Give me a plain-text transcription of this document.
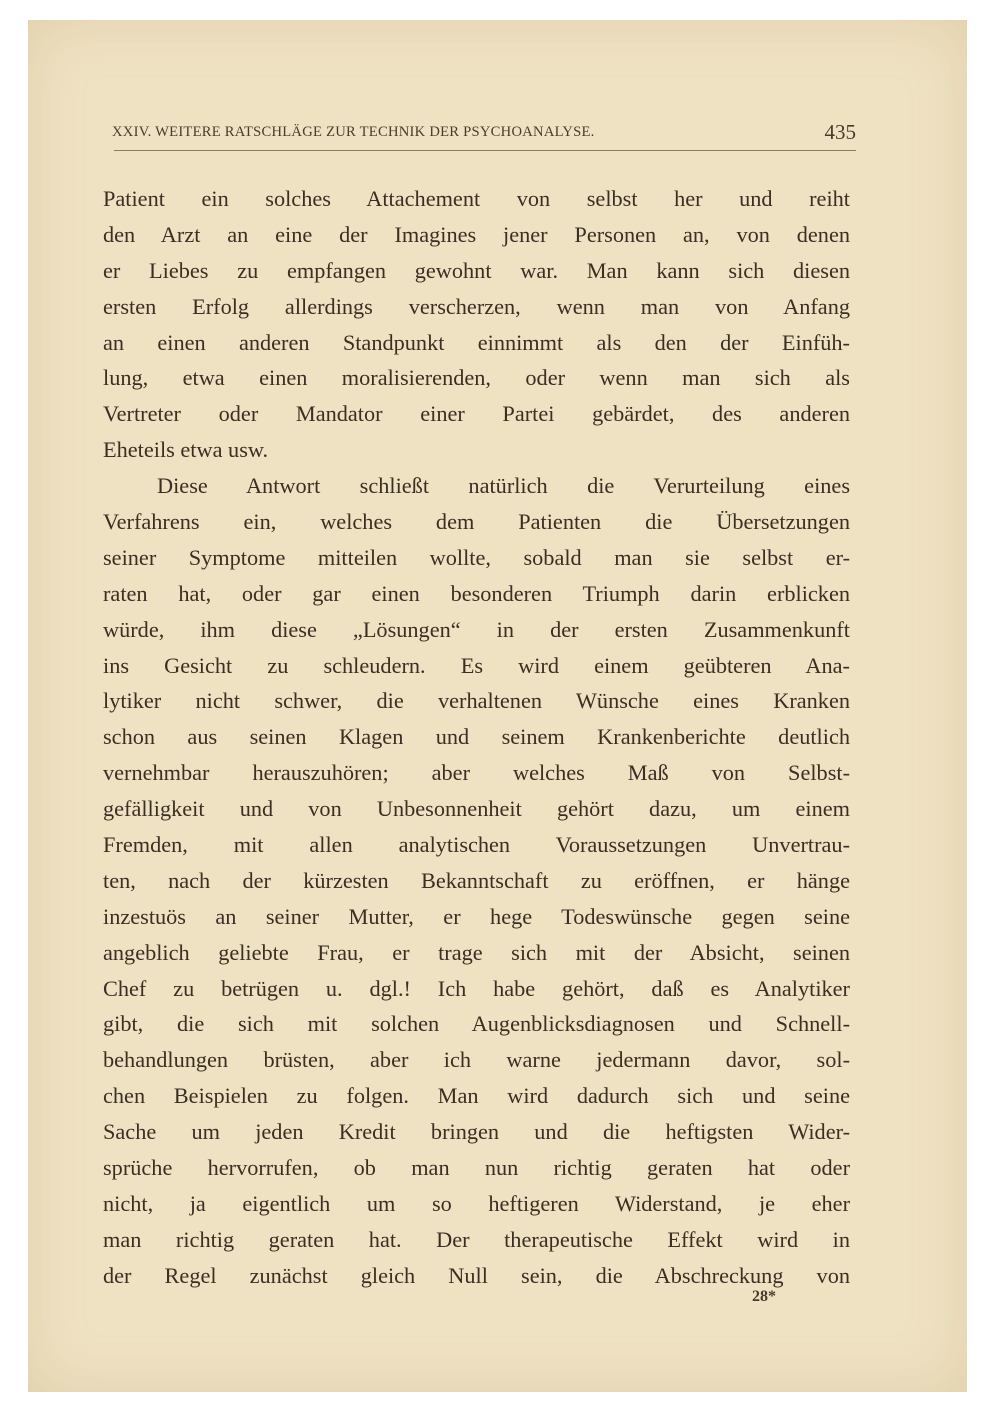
XXIV. WEITERE RATSCHLÄGE ZUR TECHNIK DER PSYCHOANALYSE.	435
Patient ein solches Attachement von selbst her und reiht
den Arzt an eine der Imagines jener Personen an, von denen
er Liebes zu empfangen gewohnt war. Man kann sich diesen
ersten Erfolg allerdings verscherzen, wenn man von Anfang
an einen anderen Standpunkt einnimmt als den der Einfüh-
lung, etwa einen moralisierenden, oder wenn man sich als
Vertreter oder Mandator einer Partei gebärdet, des anderen
Eheteils etwa usw.
Diese Antwort schließt natürlich die Verurteilung eines
Verfahrens ein, welches dem Patienten die Übersetzungen
seiner Symptome mitteilen wollte, sobald man sie selbst er-
raten hat, oder gar einen besonderen Triumph darin erblicken
würde, ihm diese „Lösungen“ in der ersten Zusammenkunft
ins Gesicht zu schleudern. Es wird einem geübteren Ana-
lytiker nicht schwer, die verhaltenen Wünsche eines Kranken
schon aus seinen Klagen und seinem Krankenberichte deutlich
vernehmbar herauszuhören; aber welches Maß von Selbst-
gefälligkeit und von Unbesonnenheit gehört dazu, um einem
Fremden, mit allen analytischen Voraussetzungen Unvertrau-
ten, nach der kürzesten Bekanntschaft zu eröffnen, er hänge
inzestuös an seiner Mutter, er hege Todeswünsche gegen seine
angeblich geliebte Frau, er trage sich mit der Absicht, seinen
Chef zu betrügen u. dgl.! Ich habe gehört, daß es Analytiker
gibt, die sich mit solchen Augenblicksdiagnosen und Schnell-
behandlungen brüsten, aber ich warne jedermann davor, sol-
chen Beispielen zu folgen. Man wird dadurch sich und seine
Sache um jeden Kredit bringen und die heftigsten Wider-
sprüche hervorrufen, ob man nun richtig geraten hat oder
nicht, ja eigentlich um so heftigeren Widerstand, je eher
man richtig geraten hat. Der therapeutische Effekt wird in
der Regel zunächst gleich Null sein, die Abschreckung von
28*
